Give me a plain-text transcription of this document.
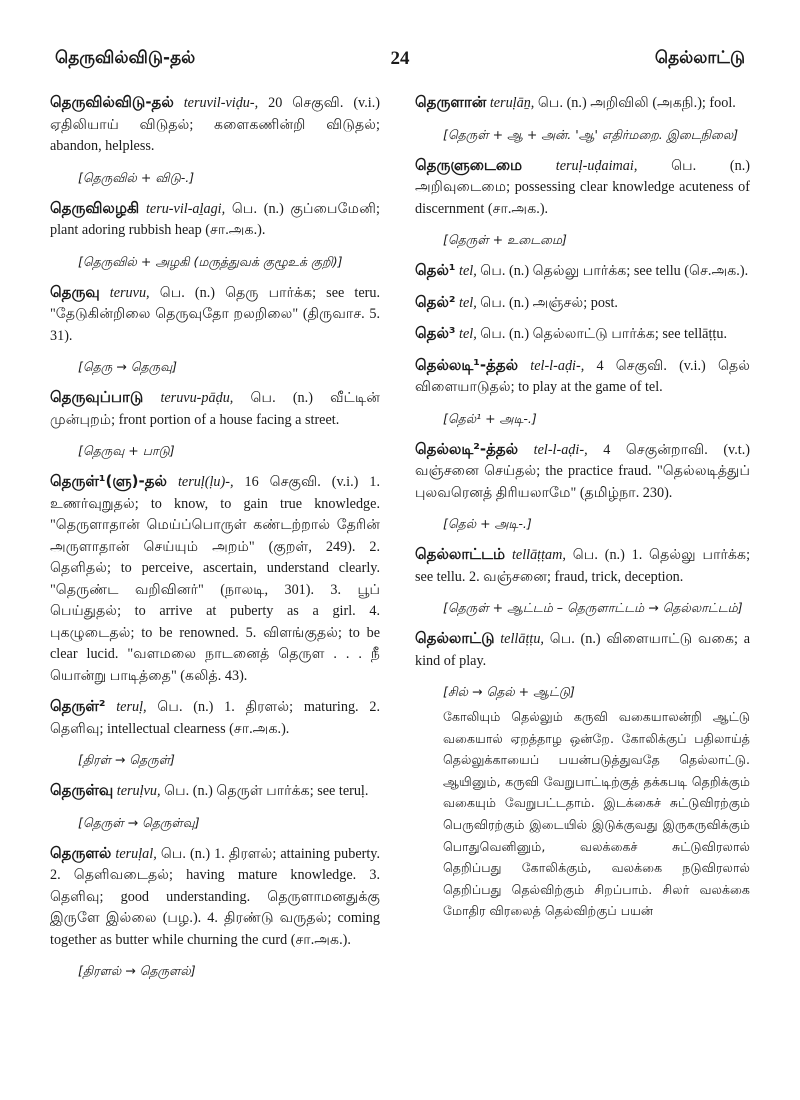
தெருவில்விடு-தல்	24	தெல்லாட்டு
தெருவில்விடு-தல் teruvil-viḍu-, 20 செகுவி. (v.i.) ஏதிலியாய் விடுதல்; களைகணின்றி விடுதல்; abandon, helpless.
[தெருவில் + விடு-.]
தெருவிலழகி teru-vil-aḻagi, பெ. (n.) குப்பைமேனி; plant adoring rubbish heap (சா.அக.).
[தெருவில் + அழகி (மருத்துவக் குழூஉக் குறி)]
தெருவு teruvu, பெ. (n.) தெரு பார்க்க; see teru. "தேடுகின்றிலை தெருவுதோ றலறிலை" (திருவாச. 5. 31).
[தெரு → தெருவு]
தெருவுப்பாடு teruvu-pāḍu, பெ. (n.) வீட்டின் முன்புறம்; front portion of a house facing a street.
[தெருவு + பாடு]
தெருள்¹(ளு)-தல் teruḷ(ḷu)-, 16 செகுவி. (v.i.) 1. உணர்வுறுதல்; to know, to gain true knowledge. "தெருளாதான் மெய்ப்பொருள் கண்டற்றால் தேரின் அருளாதான் செய்யும் அறம்" (குறள், 249). 2. தெளிதல்; to perceive, ascertain, understand clearly. "தெருண்ட வறிவினர்" (நாலடி, 301). 3. பூப் பெய்துதல்; to arrive at puberty as a girl. 4. புகழுடைதல்; to be renowned. 5. விளங்குதல்; to be clear lucid. "வளமலை நாடனைத் தெருள . . . நீ யொன்று பாடித்தை" (கலித். 43).
தெருள்² teruḷ, பெ. (n.) 1. திரளல்; maturing. 2. தெளிவு; intellectual clearness (சா.அக.).
[திரள் → தெருள்]
தெருள்வு teruḷvu, பெ. (n.) தெருள் பார்க்க; see teruḷ.
[தெருள் → தெருள்வு]
தெருளல் teruḷal, பெ. (n.) 1. திரளல்; attaining puberty. 2. தெளிவடைதல்; having mature knowledge. 3. தெளிவு; good understanding. தெருளாமனதுக்கு இருளே இல்லை (பழ.). 4. திரண்டு வருதல்; coming together as butter while churning the curd (சா.அக.).
[திரளல் → தெருளல்]
தெருளான் teruḷāṉ, பெ. (n.) அறிவிலி (அகநி.); fool.
[தெருள் + ஆ + அன். 'ஆ' எதிர்மறை. இடைநிலை]
தெருளுடைமை teruḷ-uḍaimai, பெ. (n.) அறிவுடைமை; possessing clear knowledge acuteness of discernment (சா.அக.).
[தெருள் + உடைமை]
தெல்¹ tel, பெ. (n.) தெல்லு பார்க்க; see tellu (செ.அக.).
தெல்² tel, பெ. (n.) அஞ்சல்; post.
தெல்³ tel, பெ. (n.) தெல்லாட்டு பார்க்க; see tellāṭṭu.
தெல்லடி¹-த்தல் tel-l-aḍi-, 4 செகுவி. (v.i.) தெல் விளையாடுதல்; to play at the game of tel.
[தெல்¹ + அடி-.]
தெல்லடி²-த்தல் tel-l-aḍi-, 4 செகுன்றாவி. (v.t.) வஞ்சனை செய்தல்; the practice fraud. "தெல்லடித்துப் புலவரெனத் திரியலாமே" (தமிழ்நா. 230).
[தெல் + அடி-.]
தெல்லாட்டம் tellāṭṭam, பெ. (n.) 1. தெல்லு பார்க்க; see tellu. 2. வஞ்சனை; fraud, trick, deception.
[தெருள் + ஆட்டம் – தெருளாட்டம் → தெல்லாட்டம்]
தெல்லாட்டு tellāṭṭu, பெ. (n.) விளையாட்டு வகை; a kind of play.
[சில் → தெல் + ஆட்டு]
கோலியும் தெல்லும் கருவி வகையாலன்றி ஆட்டு வகையால் ஏறத்தாழ ஒன்றே. கோலிக்குப் பதிலாய்த் தெல்லுக்காயைப் பயன்படுத்துவதே தெல்லாட்டு. ஆயினும், கருவி வேறுபாட்டிற்குத் தக்கபடி தெறிக்கும் வகையும் வேறுபட்டதாம். இடக்கைச் சுட்டுவிரற்கும் பெருவிரற்கும் இடையில் இடுக்குவது இருகருவிக்கும் பொதுவெனினும், வலக்கைச் சுட்டுவிரலால் தெறிப்பது கோலிக்கும், வலக்கை நடுவிரலால் தெறிப்பது தெல்விற்கும் சிறப்பாம். சிலர் வலக்கை மோதிர விரலைத் தெல்விற்குப் பயன்
